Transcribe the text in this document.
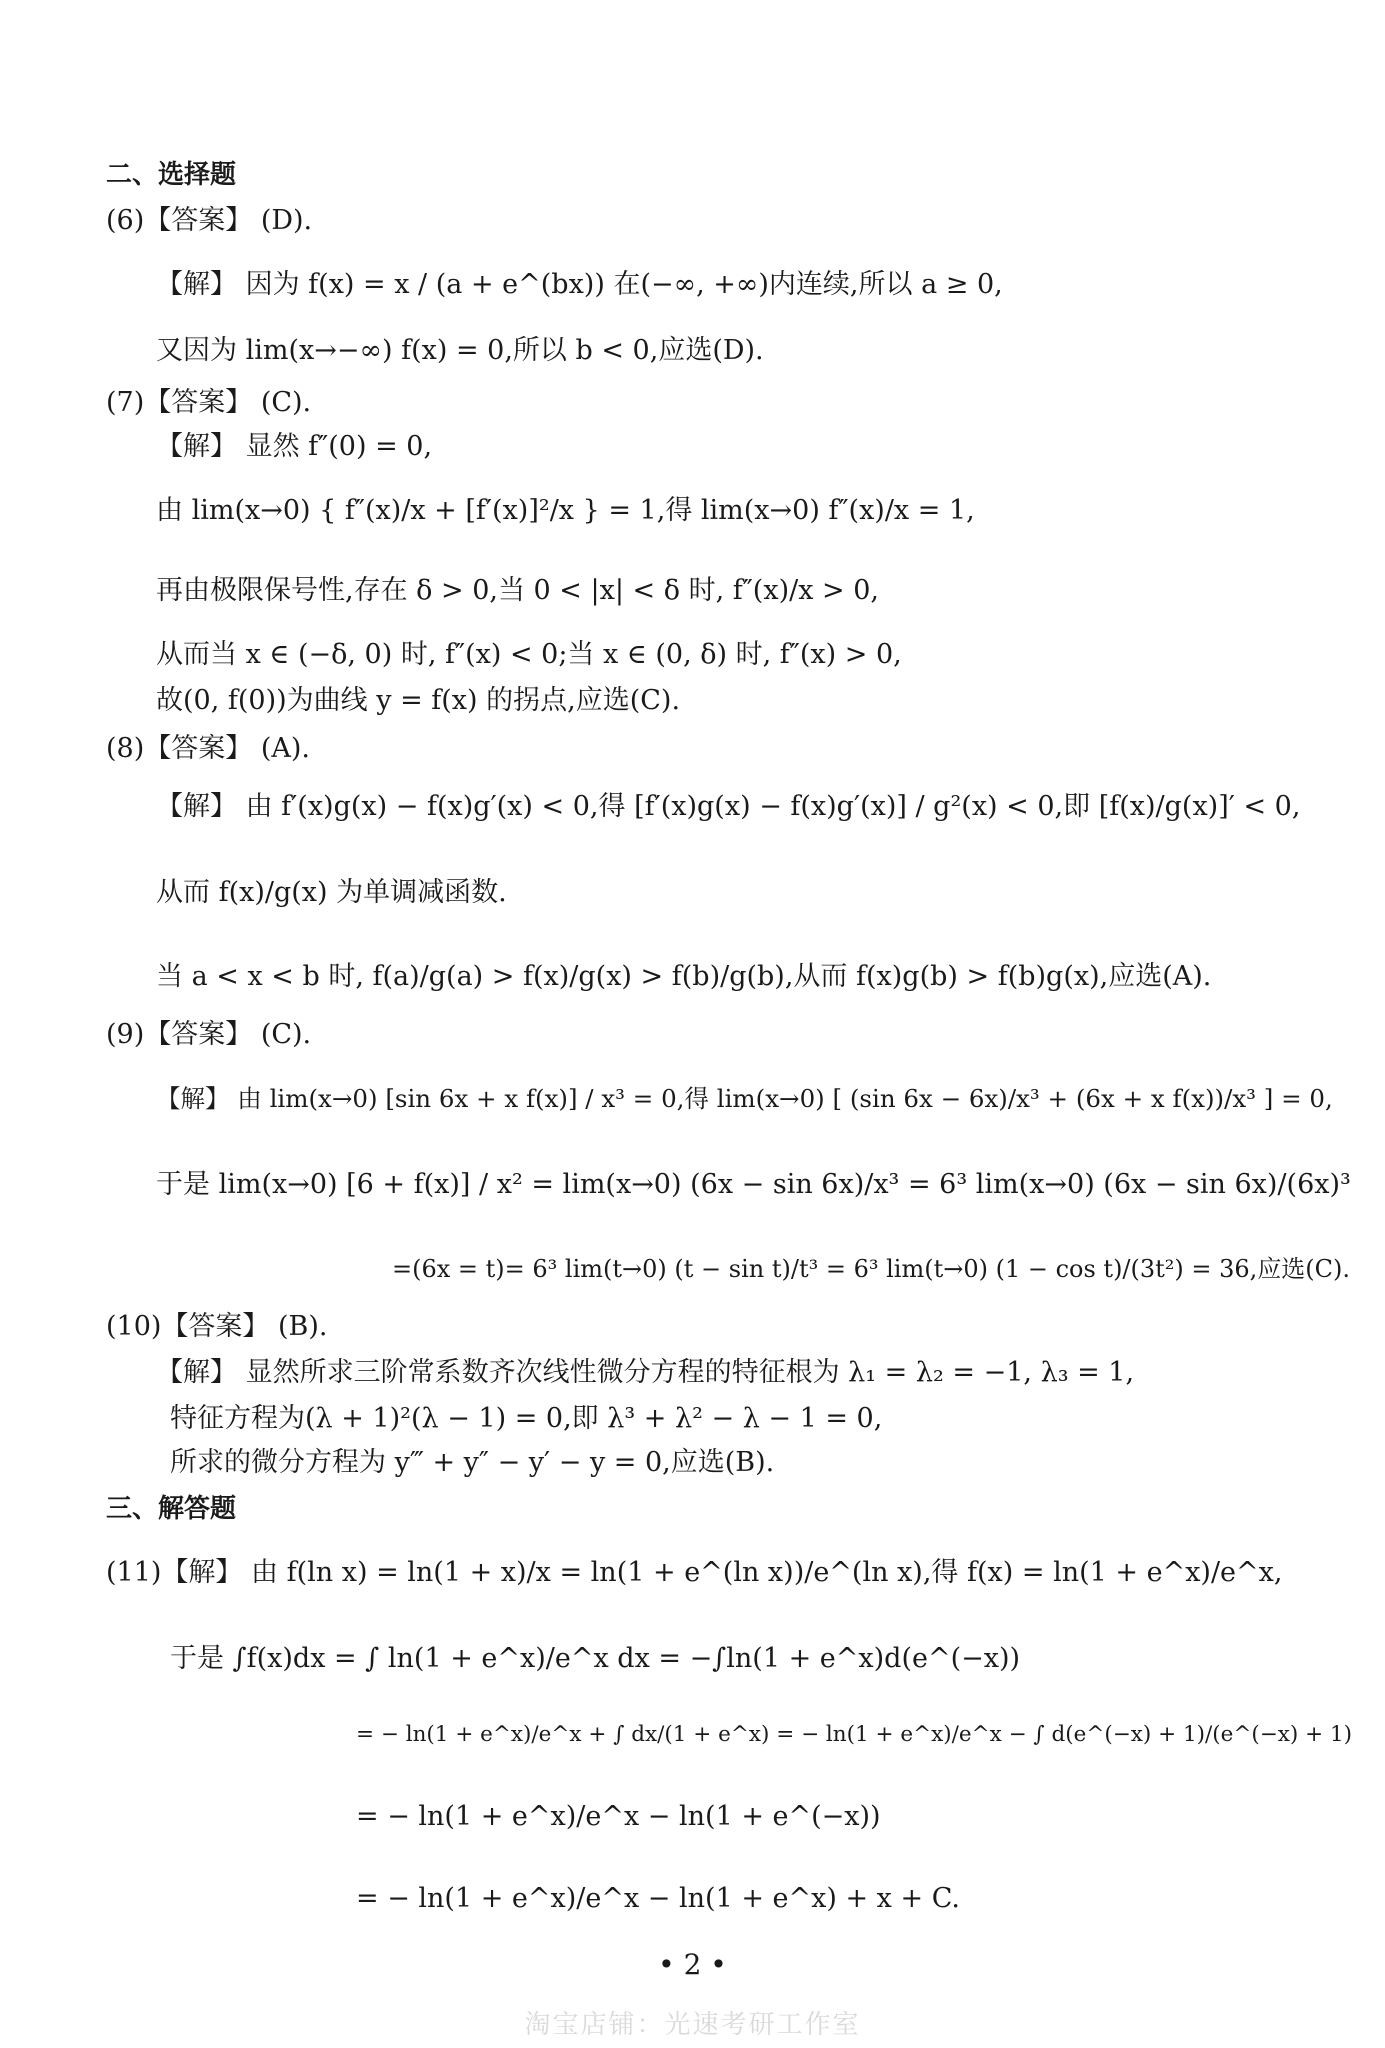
二、选择题
(6)【答案】 (D).
【解】 因为 f(x) = x / (a + e^(bx)) 在(−∞, +∞)内连续,所以 a ≥ 0,
又因为 lim(x→−∞) f(x) = 0,所以 b < 0,应选(D).
(7)【答案】 (C).
【解】 显然 f″(0) = 0,
由 lim(x→0) { f″(x)/x + [f′(x)]²/x } = 1,得 lim(x→0) f″(x)/x = 1,
再由极限保号性,存在 δ > 0,当 0 < |x| < δ 时, f″(x)/x > 0,
从而当 x ∈ (−δ, 0) 时, f″(x) < 0;当 x ∈ (0, δ) 时, f″(x) > 0,
故(0, f(0))为曲线 y = f(x) 的拐点,应选(C).
(8)【答案】 (A).
【解】 由 f′(x)g(x) − f(x)g′(x) < 0,得 [f′(x)g(x) − f(x)g′(x)] / g²(x) < 0,即 [f(x)/g(x)]′ < 0,
从而 f(x)/g(x) 为单调减函数.
当 a < x < b 时, f(a)/g(a) > f(x)/g(x) > f(b)/g(b),从而 f(x)g(b) > f(b)g(x),应选(A).
(9)【答案】 (C).
【解】 由 lim(x→0) [sin 6x + x f(x)] / x³ = 0,得 lim(x→0) [ (sin 6x − 6x)/x³ + (6x + x f(x))/x³ ] = 0,
于是 lim(x→0) [6 + f(x)] / x² = lim(x→0) (6x − sin 6x)/x³ = 6³ lim(x→0) (6x − sin 6x)/(6x)³
=(6x = t)= 6³ lim(t→0) (t − sin t)/t³ = 6³ lim(t→0) (1 − cos t)/(3t²) = 36,应选(C).
(10)【答案】 (B).
【解】 显然所求三阶常系数齐次线性微分方程的特征根为 λ₁ = λ₂ = −1, λ₃ = 1,
特征方程为(λ + 1)²(λ − 1) = 0,即 λ³ + λ² − λ − 1 = 0,
所求的微分方程为 y‴ + y″ − y′ − y = 0,应选(B).
三、解答题
(11)【解】 由 f(ln x) = ln(1 + x)/x = ln(1 + e^(ln x))/e^(ln x),得 f(x) = ln(1 + e^x)/e^x,
于是 ∫f(x)dx = ∫ ln(1 + e^x)/e^x dx = −∫ln(1 + e^x)d(e^(−x))
= − ln(1 + e^x)/e^x + ∫ dx/(1 + e^x) = − ln(1 + e^x)/e^x − ∫ d(e^(−x) + 1)/(e^(−x) + 1)
= − ln(1 + e^x)/e^x − ln(1 + e^(−x))
= − ln(1 + e^x)/e^x − ln(1 + e^x) + x + C.
• 2 •
淘宝店铺：光速考研工作室
